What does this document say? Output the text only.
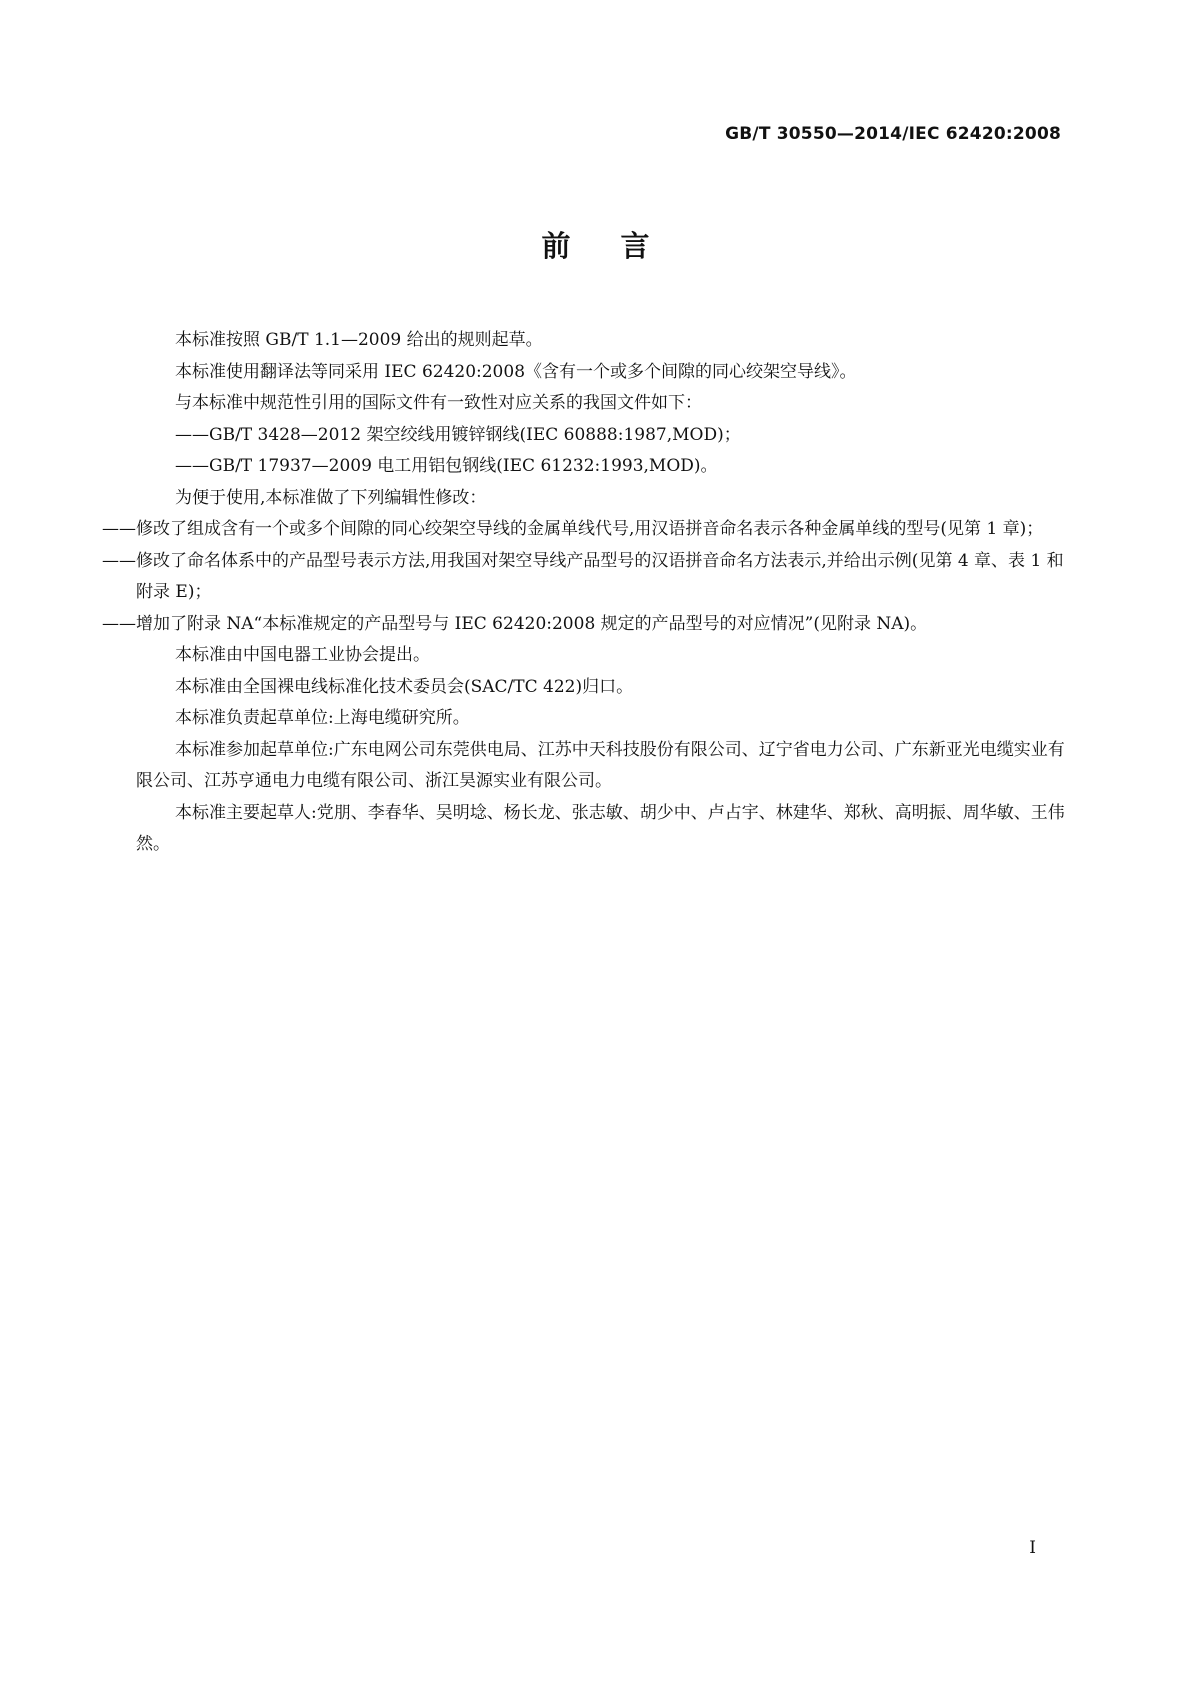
GB/T 30550—2014/IEC 62420:2008
前言

本标准按照 GB/T 1.1—2009 给出的规则起草。

本标准使用翻译法等同采用 IEC 62420:2008《含有一个或多个间隙的同心绞架空导线》。

与本标准中规范性引用的国际文件有一致性对应关系的我国文件如下：

——GB/T 3428—2012 架空绞线用镀锌钢线(IEC 60888:1987,MOD)；

——GB/T 17937—2009 电工用铝包钢线(IEC 61232:1993,MOD)。

为便于使用,本标准做了下列编辑性修改：

——修改了组成含有一个或多个间隙的同心绞架空导线的金属单线代号,用汉语拼音命名表示各种金属单线的型号(见第 1 章)；

——修改了命名体系中的产品型号表示方法,用我国对架空导线产品型号的汉语拼音命名方法表示,并给出示例(见第 4 章、表 1 和附录 E)；

——增加了附录 NA“本标准规定的产品型号与 IEC 62420:2008 规定的产品型号的对应情况”(见附录 NA)。

本标准由中国电器工业协会提出。

本标准由全国裸电线标准化技术委员会(SAC/TC 422)归口。

本标准负责起草单位:上海电缆研究所。

本标准参加起草单位:广东电网公司东莞供电局、江苏中天科技股份有限公司、辽宁省电力公司、广东新亚光电缆实业有限公司、江苏亨通电力电缆有限公司、浙江昊源实业有限公司。

本标准主要起草人:党朋、李春华、吴明埝、杨长龙、张志敏、胡少中、卢占宇、林建华、郑秋、高明振、周华敏、王伟然。

I
